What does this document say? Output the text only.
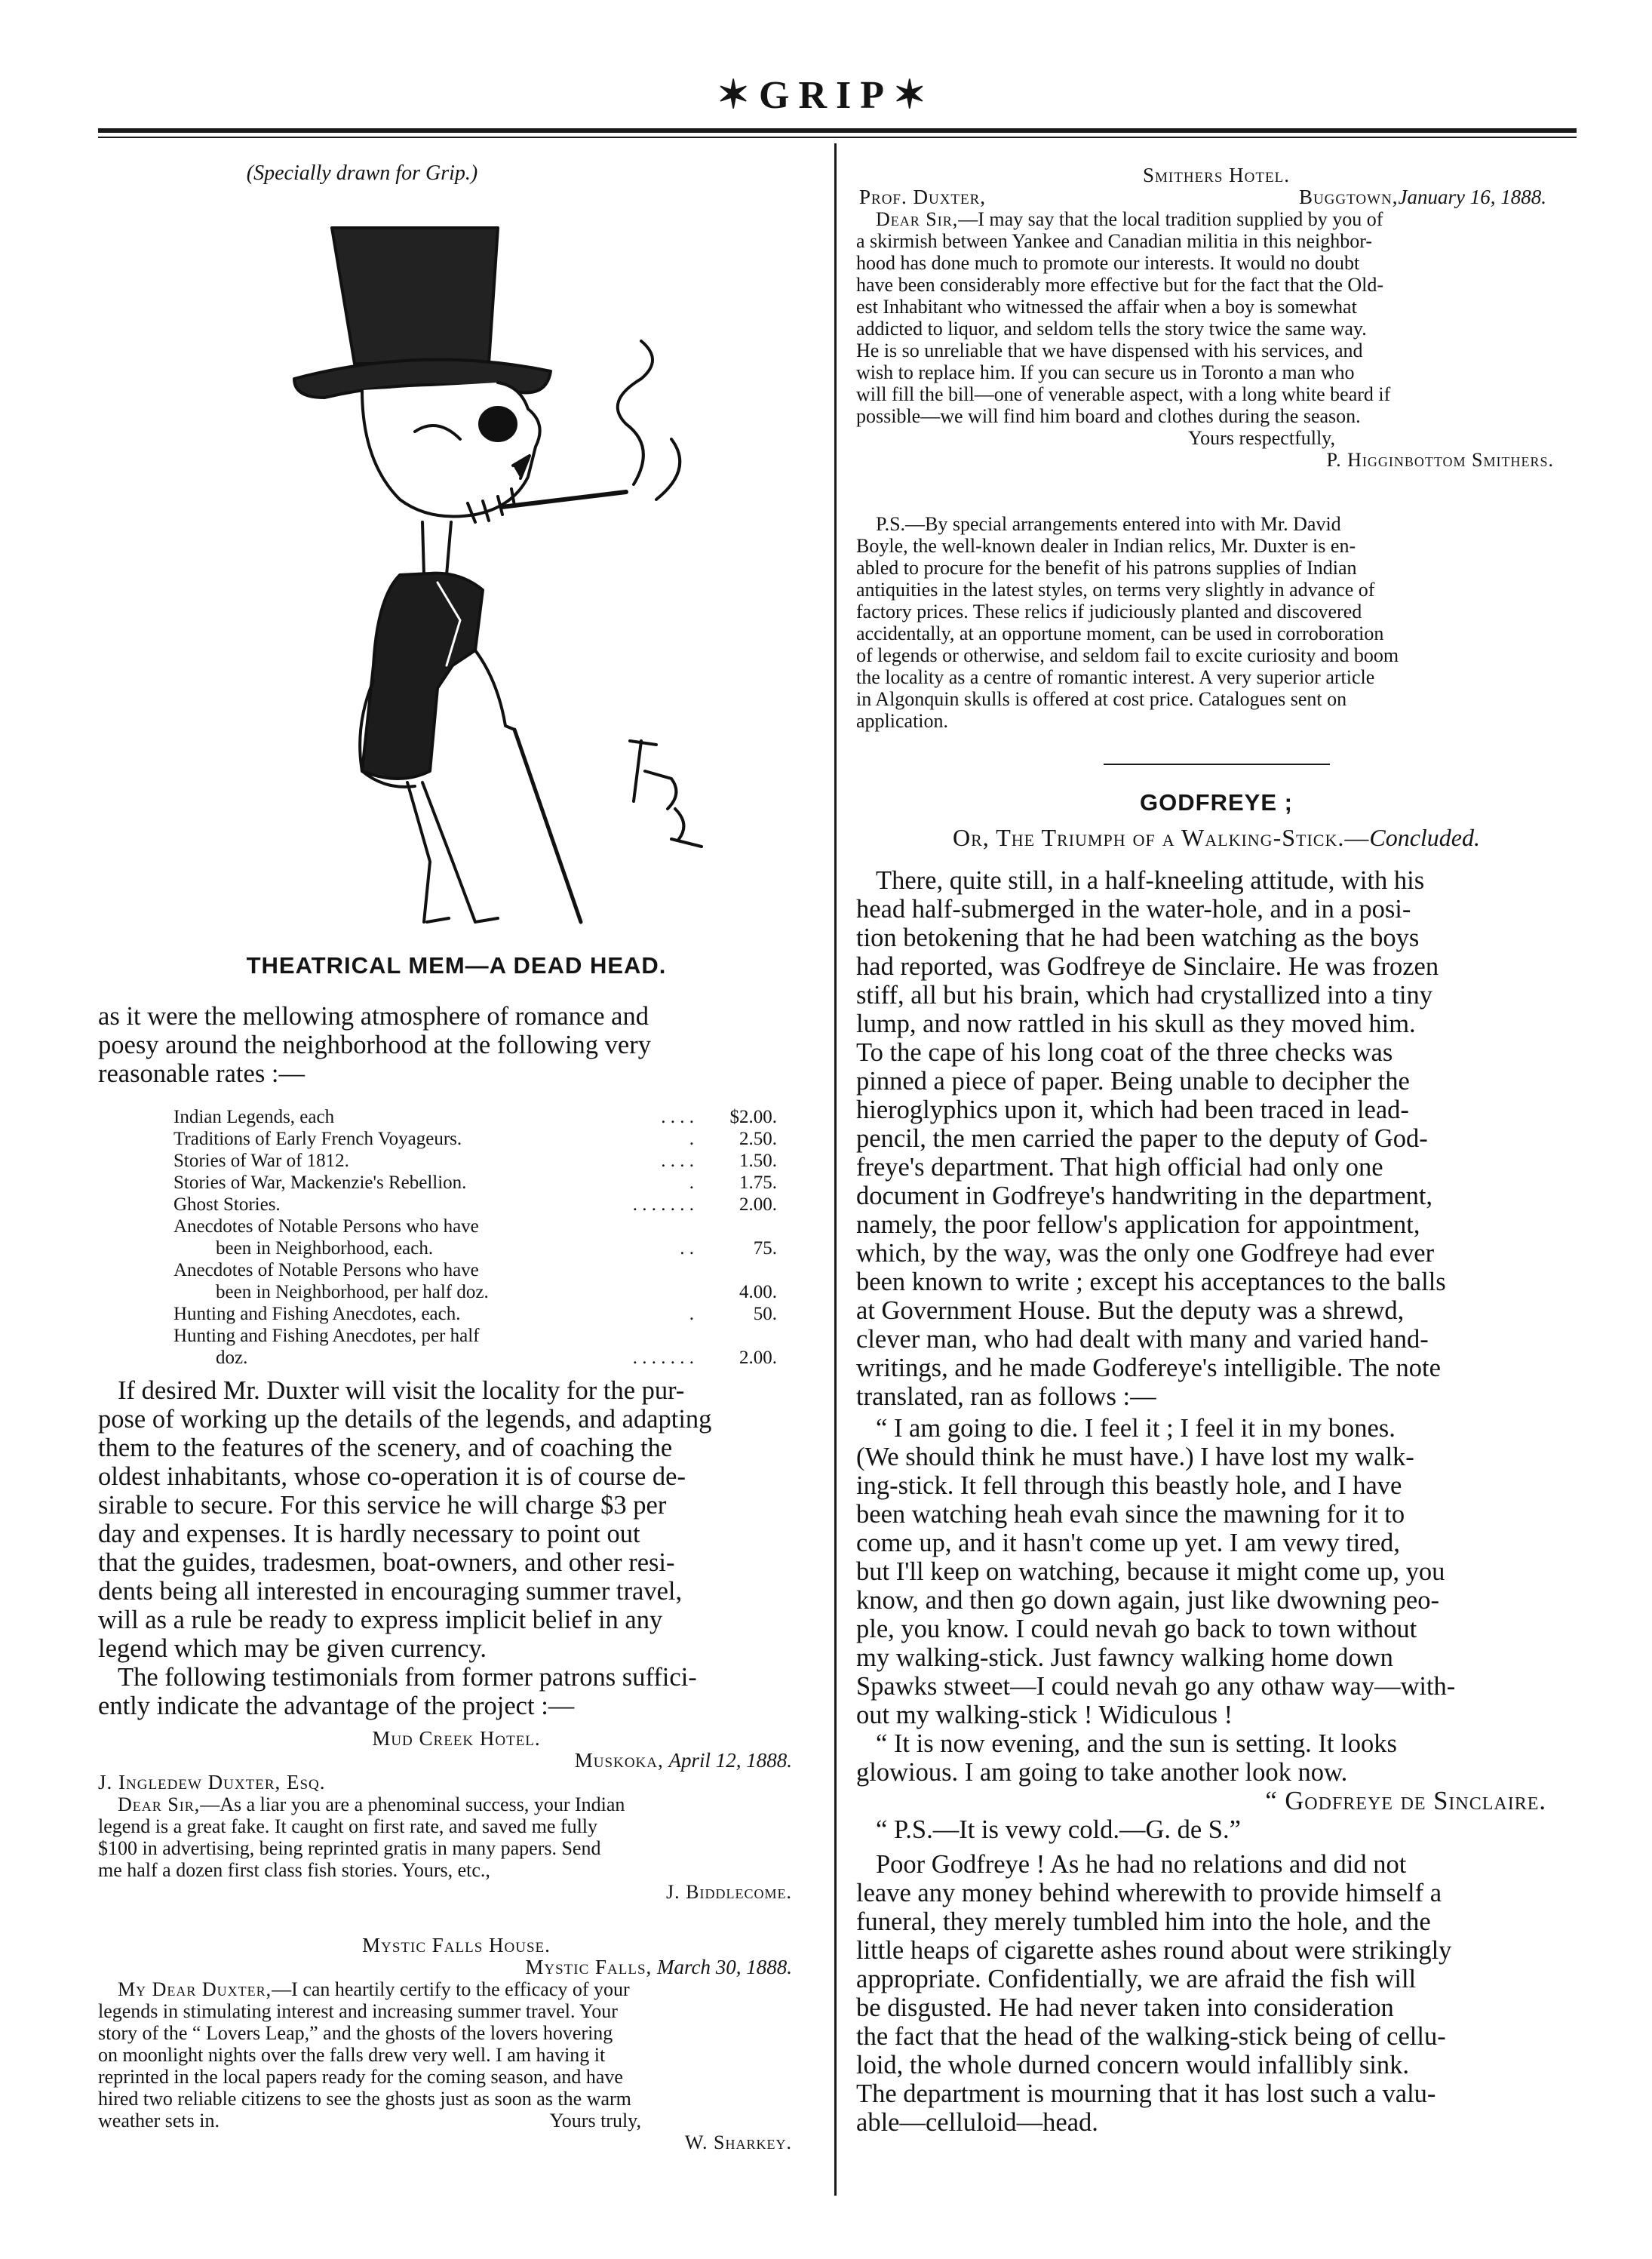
✶GRIP✶
(Specially drawn for Grip.)
THEATRICAL MEM—A DEAD HEAD.
as it were the mellowing atmosphere of romance and
poesy around the neighborhood at the following very
reasonable rates :—
Indian Legends, each	. . . .	$2.00.
Traditions of Early French Voyageurs.	.	2.50.
Stories of War of 1812.	. . . .	1.50.
Stories of War, Mackenzie's Rebellion.	.	1.75.
Ghost Stories.	. . . . . . .	2.00.
Anecdotes of Notable Persons who have
been in Neighborhood, each.	. .	75.
Anecdotes of Notable Persons who have
been in Neighborhood, per half doz.	4.00.
Hunting and Fishing Anecdotes, each.	.	50.
Hunting and Fishing Anecdotes, per half
doz.	. . . . . . .	2.00.
If desired Mr. Duxter will visit the locality for the pur-
pose of working up the details of the legends, and adapting
them to the features of the scenery, and of coaching the
oldest inhabitants, whose co-operation it is of course de-
sirable to secure. For this service he will charge $3 per
day and expenses. It is hardly necessary to point out
that the guides, tradesmen, boat-owners, and other resi-
dents being all interested in encouraging summer travel,
will as a rule be ready to express implicit belief in any
legend which may be given currency.
The following testimonials from former patrons suffici-
ently indicate the advantage of the project :—
Mud Creek Hotel.
Muskoka, April 12, 1888.
J. Ingledew Duxter, Esq.
Dear Sir,—As a liar you are a phenominal success, your Indian
legend is a great fake. It caught on first rate, and saved me fully
$100 in advertising, being reprinted gratis in many papers. Send
me half a dozen first class fish stories. Yours, etc.,
J. Biddlecome.
Mystic Falls House.
Mystic Falls, March 30, 1888.
My Dear Duxter,—I can heartily certify to the efficacy of your
legends in stimulating interest and increasing summer travel. Your
story of the “ Lovers Leap,” and the ghosts of the lovers hovering
on moonlight nights over the falls drew very well. I am having it
reprinted in the local papers ready for the coming season, and have
hired two reliable citizens to see the ghosts just as soon as the warm
weather sets in.	Yours truly,
W. Sharkey.
Smithers Hotel.
Prof. Duxter,	Buggtown,January 16, 1888.
Dear Sir,—I may say that the local tradition supplied by you of
a skirmish between Yankee and Canadian militia in this neighbor-
hood has done much to promote our interests. It would no doubt
have been considerably more effective but for the fact that the Old-
est Inhabitant who witnessed the affair when a boy is somewhat
addicted to liquor, and seldom tells the story twice the same way.
He is so unreliable that we have dispensed with his services, and
wish to replace him. If you can secure us in Toronto a man who
will fill the bill—one of venerable aspect, with a long white beard if
possible—we will find him board and clothes during the season.
Yours respectfully,
P. Higginbottom Smithers.
P.S.—By special arrangements entered into with Mr. David
Boyle, the well-known dealer in Indian relics, Mr. Duxter is en-
abled to procure for the benefit of his patrons supplies of Indian
antiquities in the latest styles, on terms very slightly in advance of
factory prices. These relics if judiciously planted and discovered
accidentally, at an opportune moment, can be used in corroboration
of legends or otherwise, and seldom fail to excite curiosity and boom
the locality as a centre of romantic interest. A very superior article
in Algonquin skulls is offered at cost price. Catalogues sent on
application.
GODFREYE ;
Or, The Triumph of a Walking-Stick.—Concluded.
There, quite still, in a half-kneeling attitude, with his
head half-submerged in the water-hole, and in a posi-
tion betokening that he had been watching as the boys
had reported, was Godfreye de Sinclaire. He was frozen
stiff, all but his brain, which had crystallized into a tiny
lump, and now rattled in his skull as they moved him.
To the cape of his long coat of the three checks was
pinned a piece of paper. Being unable to decipher the
hieroglyphics upon it, which had been traced in lead-
pencil, the men carried the paper to the deputy of God-
freye's department. That high official had only one
document in Godfreye's handwriting in the department,
namely, the poor fellow's application for appointment,
which, by the way, was the only one Godfreye had ever
been known to write ; except his acceptances to the balls
at Government House. But the deputy was a shrewd,
clever man, who had dealt with many and varied hand-
writings, and he made Godfereye's intelligible. The note
translated, ran as follows :—
“ I am going to die. I feel it ; I feel it in my bones.
(We should think he must have.) I have lost my walk-
ing-stick. It fell through this beastly hole, and I have
been watching heah evah since the mawning for it to
come up, and it hasn't come up yet. I am vewy tired,
but I'll keep on watching, because it might come up, you
know, and then go down again, just like dwowning peo-
ple, you know. I could nevah go back to town without
my walking-stick. Just fawncy walking home down
Spawks stweet—I could nevah go any othaw way—with-
out my walking-stick ! Widiculous !
“ It is now evening, and the sun is setting. It looks
glowious. I am going to take another look now.
“ Godfreye de Sinclaire.
“ P.S.—It is vewy cold.—G. de S.”
Poor Godfreye ! As he had no relations and did not
leave any money behind wherewith to provide himself a
funeral, they merely tumbled him into the hole, and the
little heaps of cigarette ashes round about were strikingly
appropriate. Confidentially, we are afraid the fish will
be disgusted. He had never taken into consideration
the fact that the head of the walking-stick being of cellu-
loid, the whole durned concern would infallibly sink.
The department is mourning that it has lost such a valu-
able—celluloid—head.
